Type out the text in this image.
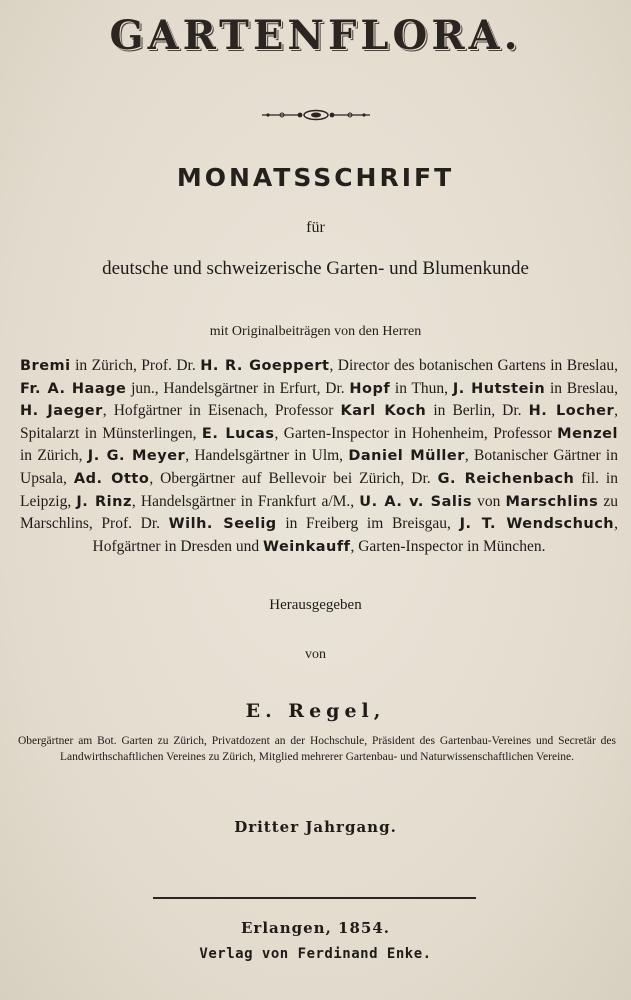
GARTENFLORA.
MONATSSCHRIFT
für
deutsche und schweizerische Garten- und Blumenkunde
mit Originalbeiträgen von den Herren
Bremi in Zürich, Prof. Dr. H. R. Goeppert, Director des botanischen Gartens in Breslau, Fr. A. Haage jun., Handelsgärtner in Erfurt, Dr. Hopf in Thun, J. Hutstein in Breslau, H. Jaeger, Hofgärtner in Eisenach, Professor Karl Koch in Berlin, Dr. H. Locher, Spitalarzt in Münsterlingen, E. Lucas, Garten-Inspector in Hohenheim, Professor Menzel in Zürich, J. G. Meyer, Handelsgärtner in Ulm, Daniel Müller, Botanischer Gärtner in Upsala, Ad. Otto, Obergärtner auf Bellevoir bei Zürich, Dr. G. Reichenbach fil. in Leipzig, J. Rinz, Handelsgärtner in Frankfurt a/M., U. A. v. Salis von Marschlins zu Marschlins, Prof. Dr. Wilh. Seelig in Freiberg im Breisgau, J. T. Wendschuch, Hofgärtner in Dresden und Weinkauff, Garten-Inspector in München.
Herausgegeben
von
E. Regel,
Obergärtner am Bot. Garten zu Zürich, Privatdozent an der Hochschule, Präsident des Gartenbau-Vereines und Secretär des Landwirthschaftlichen Vereines zu Zürich, Mitglied mehrerer Gartenbau- und Naturwissenschaftlichen Vereine.
Dritter Jahrgang.
Erlangen, 1854.
Verlag von Ferdinand Enke.
